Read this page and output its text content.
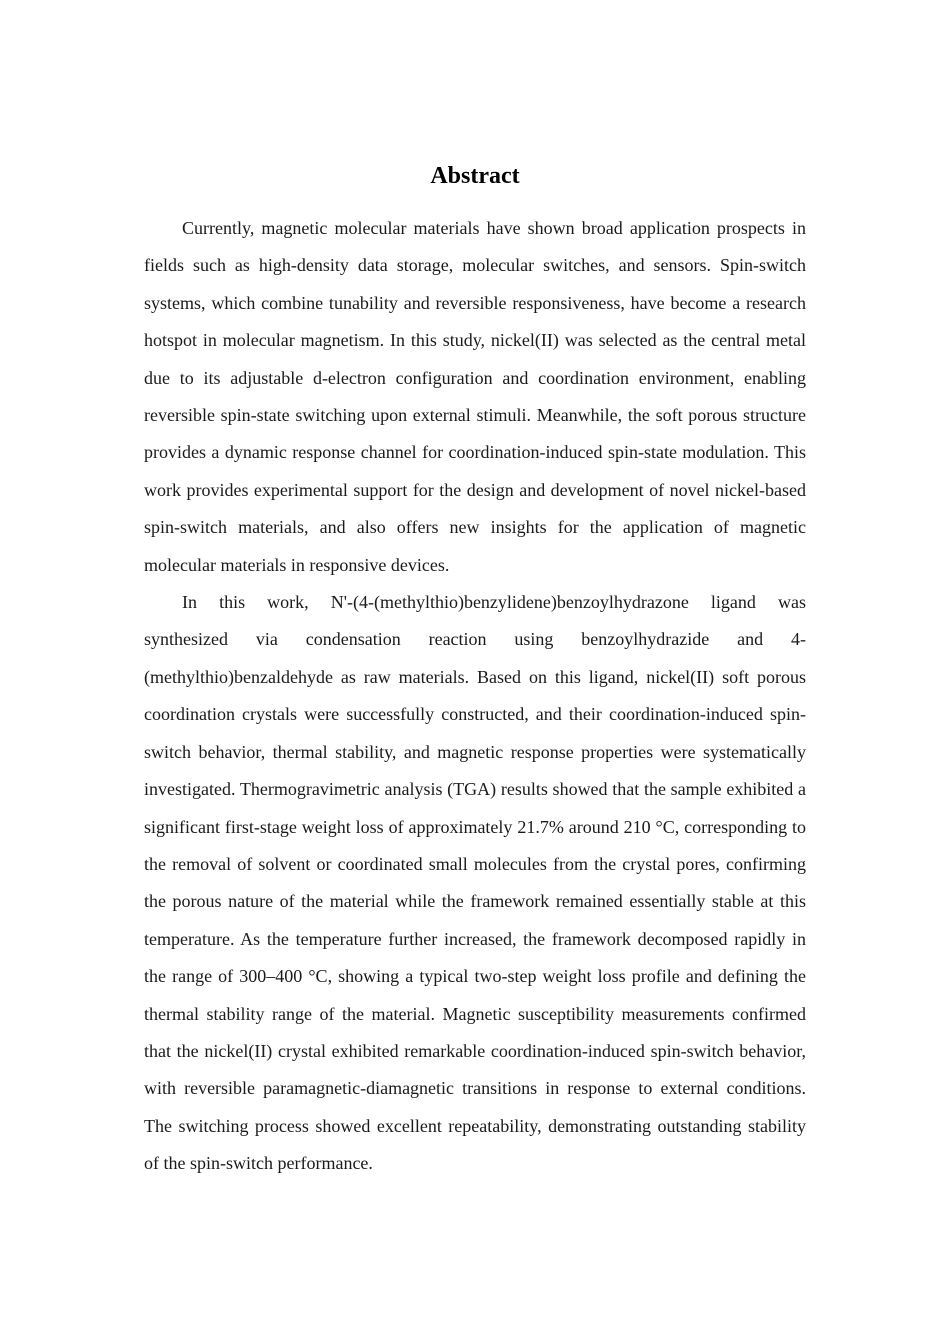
Abstract

Currently, magnetic molecular materials have shown broad application prospects in fields such as high-density data storage, molecular switches, and sensors. Spin-switch systems, which combine tunability and reversible responsiveness, have become a research hotspot in molecular magnetism. In this study, nickel(II) was selected as the central metal due to its adjustable d-electron configuration and coordination environment, enabling reversible spin-state switching upon external stimuli. Meanwhile, the soft porous structure provides a dynamic response channel for coordination-induced spin-state modulation. This work provides experimental support for the design and development of novel nickel-based spin-switch materials, and also offers new insights for the application of magnetic molecular materials in responsive devices.

In this work, N'-(4-(methylthio)benzylidene)benzoylhydrazone ligand was synthesized via condensation reaction using benzoylhydrazide and 4-(methylthio)benzaldehyde as raw materials. Based on this ligand, nickel(II) soft porous coordination crystals were successfully constructed, and their coordination-induced spin-switch behavior, thermal stability, and magnetic response properties were systematically investigated. Thermogravimetric analysis (TGA) results showed that the sample exhibited a significant first-stage weight loss of approximately 21.7% around 210 °C, corresponding to the removal of solvent or coordinated small molecules from the crystal pores, confirming the porous nature of the material while the framework remained essentially stable at this temperature. As the temperature further increased, the framework decomposed rapidly in the range of 300–400 °C, showing a typical two-step weight loss profile and defining the thermal stability range of the material. Magnetic susceptibility measurements confirmed that the nickel(II) crystal exhibited remarkable coordination-induced spin-switch behavior, with reversible paramagnetic-diamagnetic transitions in response to external conditions. The switching process showed excellent repeatability, demonstrating outstanding stability of the spin-switch performance.
